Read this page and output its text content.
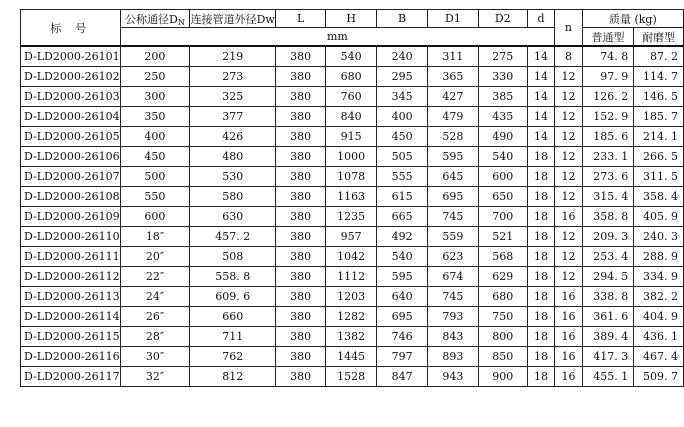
标号	公称通径$D_N$	连接管道外径Dw	L	H	B	D1	D2	d	n	质量 (kg)	
	mm									普通型	耐磨型
D-LD2000-26101	200	219	380	540	240	311	275	14	8	74. 8	87. 2
D-LD2000-26102	250	273	380	680	295	365	330	14	12	97. 9	114. 7
D-LD2000-26103	300	325	380	760	345	427	385	14	12	126. 2	146. 5
D-LD2000-26104	350	377	380	840	400	479	435	14	12	152. 9	185. 7
D-LD2000-26105	400	426	380	915	450	528	490	14	12	185. 6	214. 1
D-LD2000-26106	450	480	380	1000	505	595	540	18	12	233. 1	266. 5
D-LD2000-26107	500	530	380	1078	555	645	600	18	12	273. 6	311. 5
D-LD2000-26108	550	580	380	1163	615	695	650	18	12	315. 4	358. 4
D-LD2000-26109	600	630	380	1235	665	745	700	18	16	358. 8	405. 9
D-LD2000-26110	18″	457. 2	380	957	492	559	521	18	12	209. 3	240. 3
D-LD2000-26111	20″	508	380	1042	540	623	568	18	12	253. 4	288. 9
D-LD2000-26112	22″	558. 8	380	1112	595	674	629	18	12	294. 5	334. 9
D-LD2000-26113	24″	609. 6	380	1203	640	745	680	18	16	338. 8	382. 2
D-LD2000-26114	26″	660	380	1282	695	793	750	18	16	361. 6	404. 9
D-LD2000-26115	28″	711	380	1382	746	843	800	18	16	389. 4	436. 1
D-LD2000-26116	30″	762	380	1445	797	893	850	18	16	417. 3	467. 4
D-LD2000-26117	32″	812	380	1528	847	943	900	18	16	455. 1	509. 7
